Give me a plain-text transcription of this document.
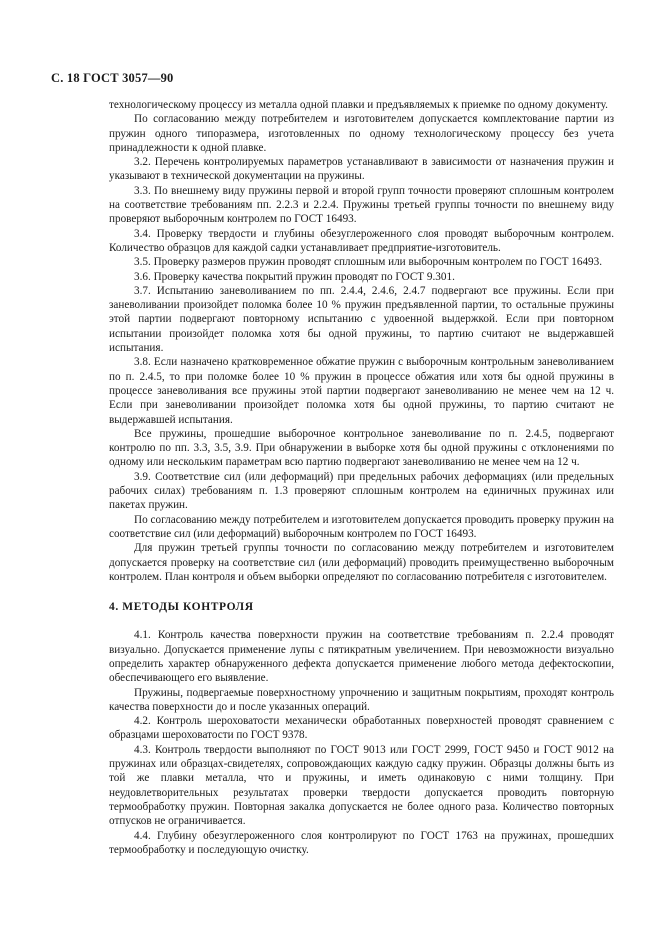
С. 18 ГОСТ 3057—90

технологическому процессу из металла одной плавки и предъявляемых к приемке по одному документу.

По согласованию между потребителем и изготовителем допускается комплектование партии из пружин одного типоразмера, изготовленных по одному технологическому процессу без учета принадлежности к одной плавке.

3.2. Перечень контролируемых параметров устанавливают в зависимости от назначения пружин и указывают в технической документации на пружины.

3.3. По внешнему виду пружины первой и второй групп точности проверяют сплошным контролем на соответствие требованиям пп. 2.2.3 и 2.2.4. Пружины третьей группы точности по внешнему виду проверяют выборочным контролем по ГОСТ 16493.

3.4. Проверку твердости и глубины обезуглероженного слоя проводят выборочным контролем. Количество образцов для каждой садки устанавливает предприятие-изготовитель.

3.5. Проверку размеров пружин проводят сплошным или выборочным контролем по ГОСТ 16493.

3.6. Проверку качества покрытий пружин проводят по ГОСТ 9.301.

3.7. Испытанию заневоливанием по пп. 2.4.4, 2.4.6, 2.4.7 подвергают все пружины. Если при заневоливании произойдет поломка более 10 % пружин предъявленной партии, то остальные пружины этой партии подвергают повторному испытанию с удвоенной выдержкой. Если при повторном испытании произойдет поломка хотя бы одной пружины, то партию считают не выдержавшей испытания.

3.8. Если назначено кратковременное обжатие пружин с выборочным контрольным заневоливанием по п. 2.4.5, то при поломке более 10 % пружин в процессе обжатия или хотя бы одной пружины в процессе заневоливания все пружины этой партии подвергают заневоливанию не менее чем на 12 ч. Если при заневоливании произойдет поломка хотя бы одной пружины, то партию считают не выдержавшей испытания.

Все пружины, прошедшие выборочное контрольное заневоливание по п. 2.4.5, подвергают контролю по пп. 3.3, 3.5, 3.9. При обнаружении в выборке хотя бы одной пружины с отклонениями по одному или нескольким параметрам всю партию подвергают заневоливанию не менее чем на 12 ч.

3.9. Соответствие сил (или деформаций) при предельных рабочих деформациях (или предельных рабочих силах) требованиям п. 1.3 проверяют сплошным контролем на единичных пружинах или пакетах пружин.

По согласованию между потребителем и изготовителем допускается проводить проверку пружин на соответствие сил (или деформаций) выборочным контролем по ГОСТ 16493.

Для пружин третьей группы точности по согласованию между потребителем и изготовителем допускается проверку на соответствие сил (или деформаций) проводить преимущественно выборочным контролем. План контроля и объем выборки определяют по согласованию потребителя с изготовителем.

4. МЕТОДЫ КОНТРОЛЯ

4.1. Контроль качества поверхности пружин на соответствие требованиям п. 2.2.4 проводят визуально. Допускается применение лупы с пятикратным увеличением. При невозможности визуально определить характер обнаруженного дефекта допускается применение любого метода дефектоскопии, обеспечивающего его выявление.

Пружины, подвергаемые поверхностному упрочнению и защитным покрытиям, проходят контроль качества поверхности до и после указанных операций.

4.2. Контроль шероховатости механически обработанных поверхностей проводят сравнением с образцами шероховатости по ГОСТ 9378.

4.3. Контроль твердости выполняют по ГОСТ 9013 или ГОСТ 2999, ГОСТ 9450 и ГОСТ 9012 на пружинах или образцах-свидетелях, сопровождающих каждую садку пружин. Образцы должны быть из той же плавки металла, что и пружины, и иметь одинаковую с ними толщину. При неудовлетворительных результатах проверки твердости допускается проводить повторную термообработку пружин. Повторная закалка допускается не более одного раза. Количество повторных отпусков не ограничивается.

4.4. Глубину обезуглероженного слоя контролируют по ГОСТ 1763 на пружинах, прошедших термообработку и последующую очистку.
